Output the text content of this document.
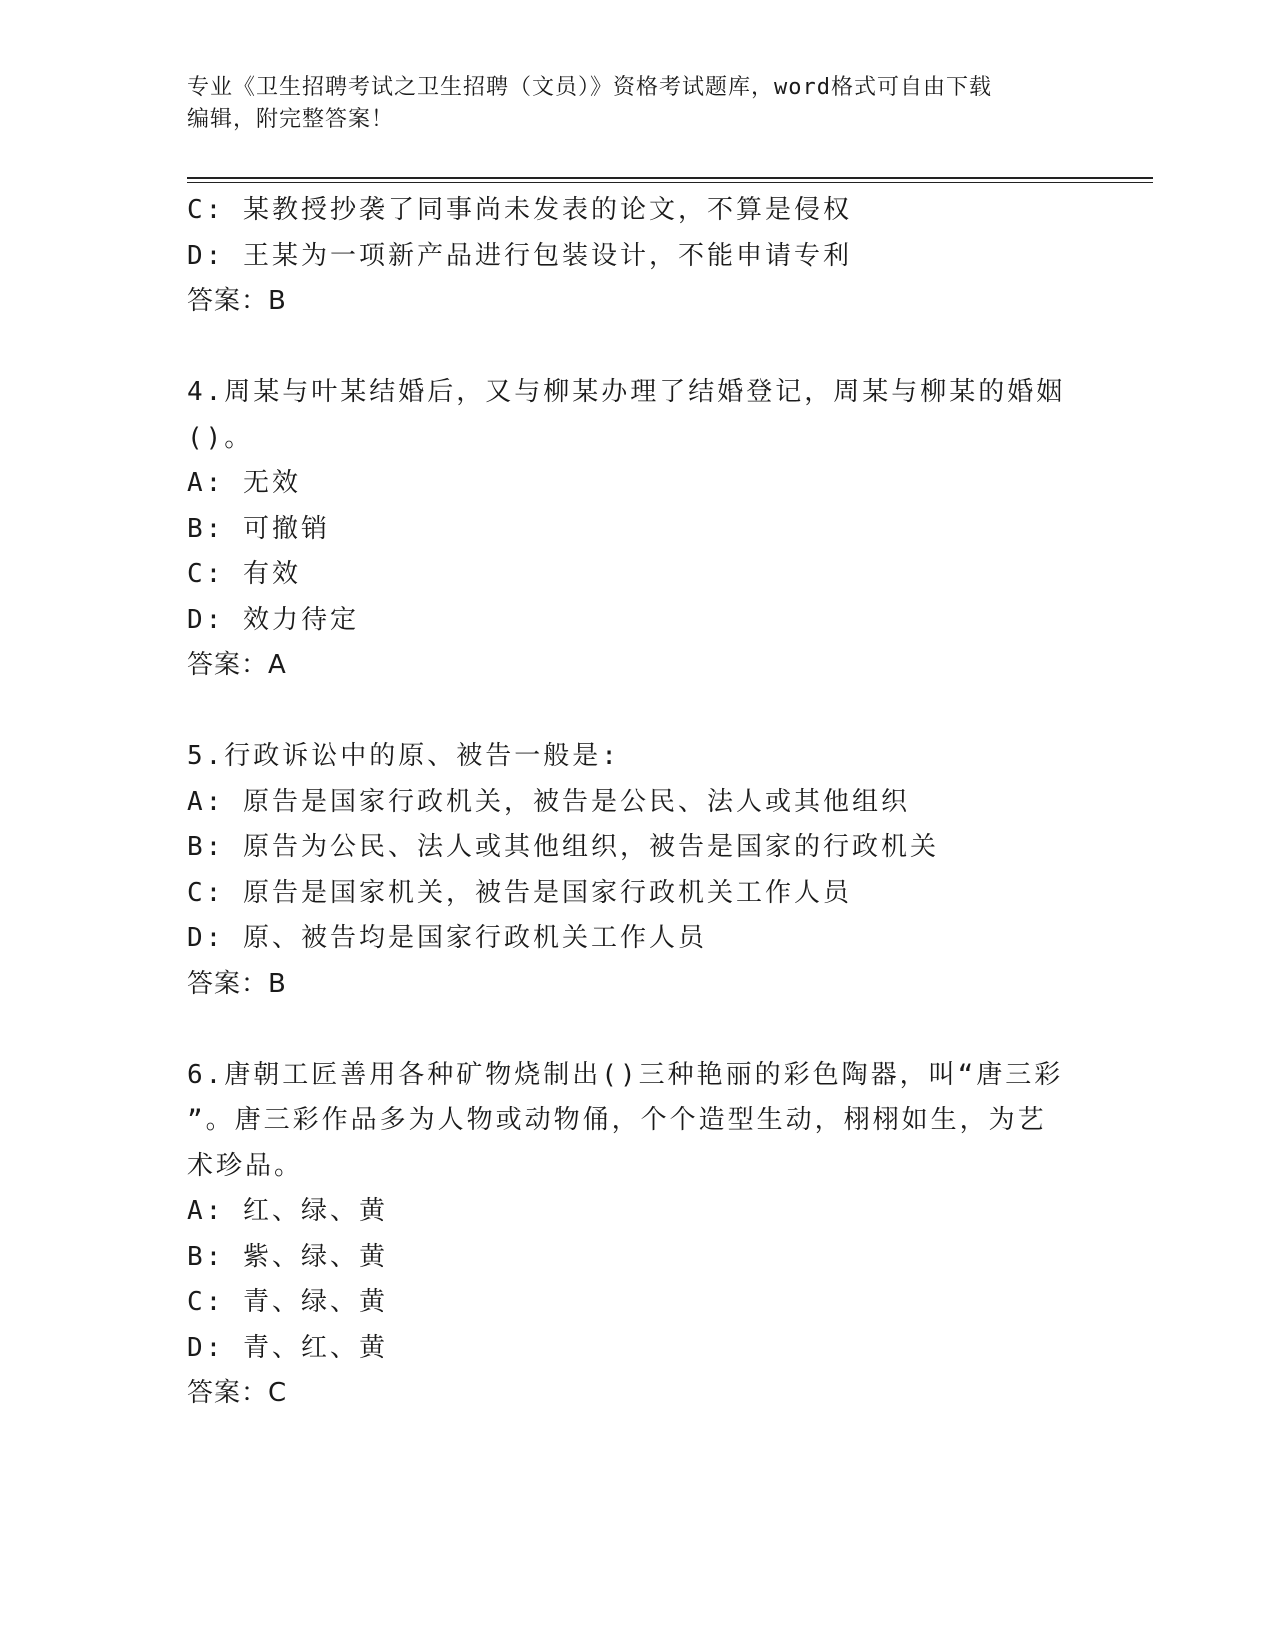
专业《卫生招聘考试之卫生招聘（文员）》资格考试题库，word格式可自由下载
编辑，附完整答案！
C: 某教授抄袭了同事尚未发表的论文，不算是侵权
D: 王某为一项新产品进行包装设计，不能申请专利
答案：B
4.周某与叶某结婚后，又与柳某办理了结婚登记，周某与柳某的婚姻
()。
A: 无效
B: 可撤销
C: 有效
D: 效力待定
答案：A
5.行政诉讼中的原、被告一般是:
A: 原告是国家行政机关，被告是公民、法人或其他组织
B: 原告为公民、法人或其他组织，被告是国家的行政机关
C: 原告是国家机关，被告是国家行政机关工作人员
D: 原、被告均是国家行政机关工作人员
答案：B
6.唐朝工匠善用各种矿物烧制出()三种艳丽的彩色陶器，叫“唐三彩
”。唐三彩作品多为人物或动物俑，个个造型生动，栩栩如生，为艺
术珍品。
A: 红、绿、黄
B: 紫、绿、黄
C: 青、绿、黄
D: 青、红、黄
答案：C
